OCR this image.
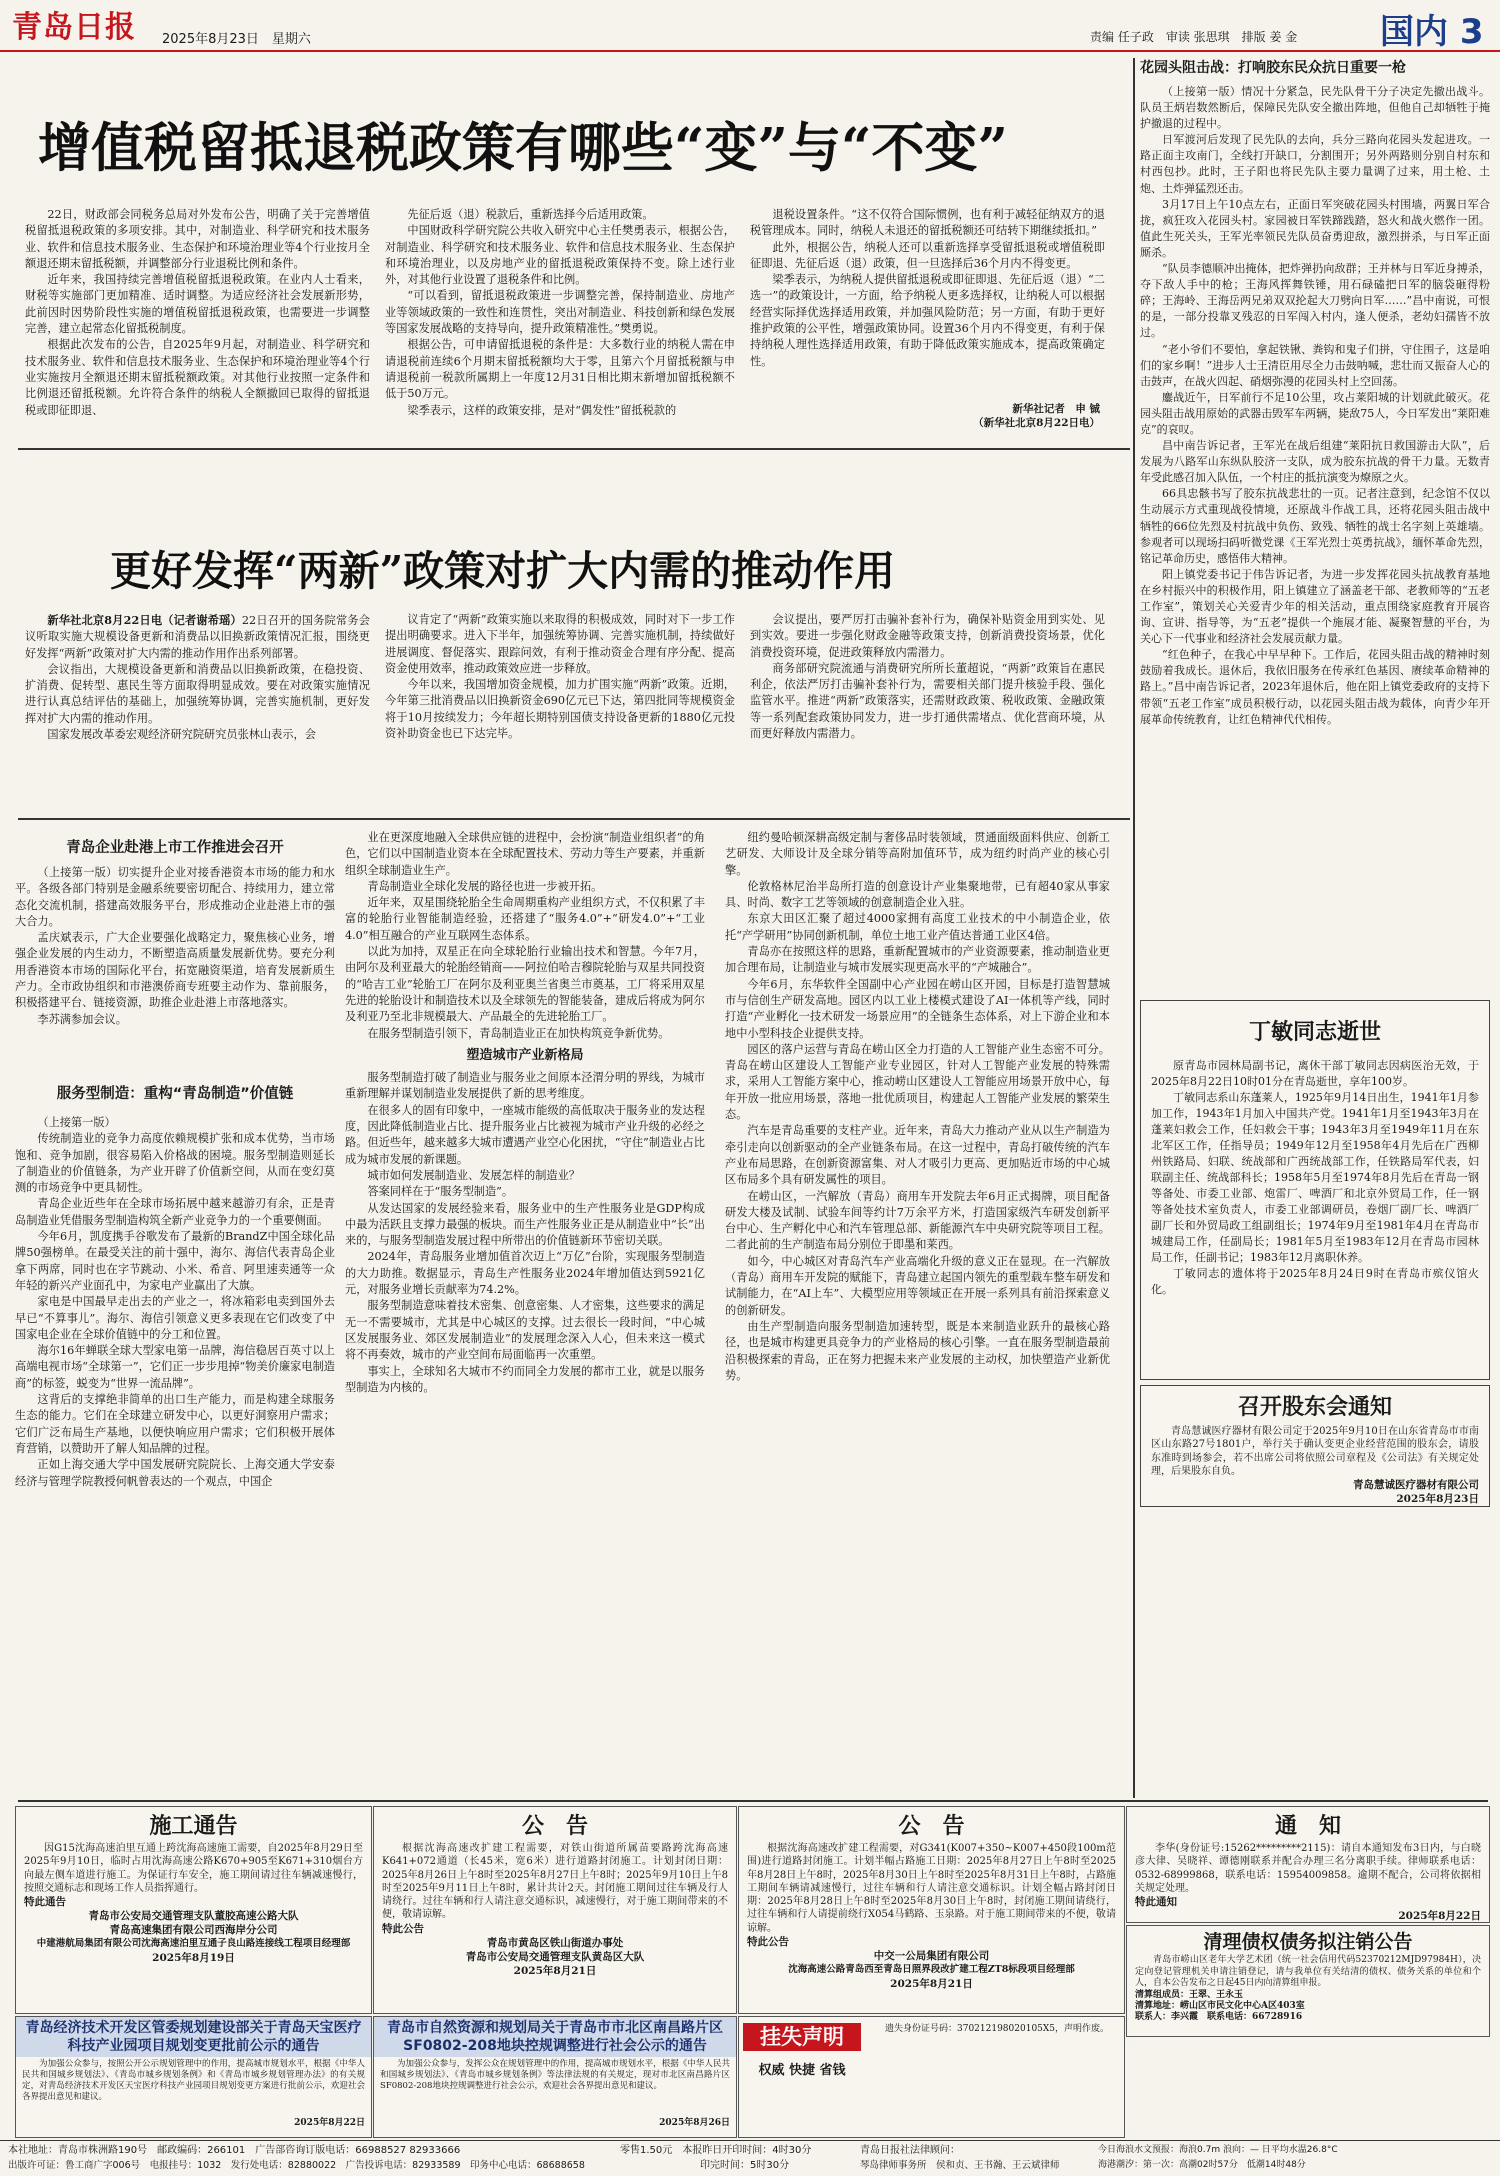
青岛日报 2025年8月23日　星期六	责编 任子政　审读 张思琪　排版 姜 金 国内 3
增值税留抵退税政策有哪些“变”与“不变”

22日，财政部会同税务总局对外发布公告，明确了关于完善增值税留抵退税政策的多项安排。其中，对制造业、科学研究和技术服务业、软件和信息技术服务业、生态保护和环境治理业等4个行业按月全额退还期末留抵税额，并调整部分行业退税比例和条件。

近年来，我国持续完善增值税留抵退税政策。在业内人士看来，财税等实施部门更加精准、适时调整。为适应经济社会发展新形势，此前因时因势阶段性实施的增值税留抵退税政策，也需要进一步调整完善，建立起常态化留抵税制度。

根据此次发布的公告，自2025年9月起，对制造业、科学研究和技术服务业、软件和信息技术服务业、生态保护和环境治理业等4个行业实施按月全额退还期末留抵税额政策。对其他行业按照一定条件和比例退还留抵税额。允许符合条件的纳税人全额撤回已取得的留抵退税或即征即退、

先征后返（退）税款后，重新选择今后适用政策。

中国财政科学研究院公共收入研究中心主任樊勇表示，根据公告，对制造业、科学研究和技术服务业、软件和信息技术服务业、生态保护和环境治理业，以及房地产业的留抵退税政策保持不变。除上述行业外，对其他行业设置了退税条件和比例。

“可以看到，留抵退税政策进一步调整完善，保持制造业、房地产业等领域政策的一致性和连贯性，突出对制造业、科技创新和绿色发展等国家发展战略的支持导向，提升政策精准性。”樊勇说。

根据公告，可申请留抵退税的条件是：大多数行业的纳税人需在申请退税前连续6个月期末留抵税额均大于零，且第六个月留抵税额与申请退税前一税款所属期上一年度12月31日相比期末新增加留抵税额不低于50万元。

梁季表示，这样的政策安排，是对“偶发性”留抵税款的

退税设置条件。“这不仅符合国际惯例，也有利于减轻征纳双方的退税管理成本。同时，纳税人未退还的留抵税额还可结转下期继续抵扣。”

此外，根据公告，纳税人还可以重新选择享受留抵退税或增值税即征即退、先征后返（退）政策，但一旦选择后36个月内不得变更。

梁季表示，为纳税人提供留抵退税或即征即退、先征后返（退）“二选一”的政策设计，一方面，给予纳税人更多选择权，让纳税人可以根据经营实际择优选择适用政策，并加强风险防范；另一方面，有助于更好推护政策的公平性，增强政策协同。设置36个月内不得变更，有利于保持纳税人理性选择适用政策，有助于降低政策实施成本，提高政策确定性。

新华社记者　申 铖

（新华社北京8月22日电）

更好发挥“两新”政策对扩大内需的推动作用

新华社北京8月22日电（记者谢希瑶）22日召开的国务院常务会议听取实施大规模设备更新和消费品以旧换新政策情况汇报，围绕更好发挥“两新”政策对扩大内需的推动作用作出系列部署。

会议指出，大规模设备更新和消费品以旧换新政策，在稳投资、扩消费、促转型、惠民生等方面取得明显成效。要在对政策实施情况进行认真总结评估的基础上，加强统筹协调，完善实施机制，更好发挥对扩大内需的推动作用。

国家发展改革委宏观经济研究院研究员张林山表示，会

议肯定了“两新”政策实施以来取得的积极成效，同时对下一步工作提出明确要求。进入下半年，加强统筹协调、完善实施机制，持续做好进展调度、督促落实、跟踪问效，有利于推动资金合理有序分配、提高资金使用效率，推动政策效应进一步释放。

今年以来，我国增加资金规模，加力扩围实施“两新”政策。近期，今年第三批消费品以旧换新资金690亿元已下达，第四批同等规模资金将于10月按续发力；今年超长期特别国债支持设备更新的1880亿元投资补助资金也已下达完毕。

会议提出，要严厉打击骗补套补行为，确保补贴资金用到实处、见到实效。要进一步强化财政金融等政策支持，创新消费投资场景，优化消费投资环境，促进政策释放内需潜力。

商务部研究院流通与消费研究所所长董超说，“两新”政策旨在惠民利企，依法严厉打击骗补套补行为，需要相关部门提升核验手段、强化监管水平。推进“两新”政策落实，还需财政政策、税收政策、金融政策等一系列配套政策协同发力，进一步打通供需堵点、优化营商环境，从而更好释放内需潜力。

青岛企业赴港上市工作推进会召开

（上接第一版）切实提升企业对接香港资本市场的能力和水平。各级各部门特别是金融系统要密切配合、持续用力，建立常态化交流机制，搭建高效服务平台，形成推动企业赴港上市的强大合力。

孟庆斌表示，广大企业要强化战略定力，聚焦核心业务，增强企业发展的内生动力，不断塑造高质量发展新优势。要充分利用香港资本市场的国际化平台，拓宽融资渠道，培育发展新质生产力。全市政协组织和市港澳侨商专班要主动作为、靠前服务，积极搭建平台、链接资源，助推企业赴港上市落地落实。

李苏满参加会议。

服务型制造：重构“青岛制造”价值链

（上接第一版）

传统制造业的竞争力高度依赖规模扩张和成本优势，当市场饱和、竞争加剧，很容易陷入价格战的困境。服务型制造则延长了制造业的价值链条，为产业开辟了价值新空间，从而在变幻莫测的市场竞争中更具韧性。

青岛企业近些年在全球市场拓展中越来越游刃有余，正是青岛制造业凭借服务型制造构筑全新产业竞争力的一个重要侧面。

今年6月，凯度携手谷歌发布了最新的BrandZ中国全球化品牌50强榜单。在最受关注的前十强中，海尔、海信代表青岛企业拿下两席，同时也在字节跳动、小米、希音、阿里速卖通等一众年轻的新兴产业面孔中，为家电产业赢出了大旗。

家电是中国最早走出去的产业之一，将冰箱彩电卖到国外去早已“不算事儿”。海尔、海信引领意义更多表现在它们改变了中国家电企业在全球价值链中的分工和位置。

海尔16年蝉联全球大型家电第一品牌，海信稳居百英寸以上高端电视市场“全球第一”，它们正一步步甩掉“物美价廉家电制造商”的标签，蜕变为“世界一流品牌”。

这背后的支撑绝非简单的出口生产能力，而是构建全球服务生态的能力。它们在全球建立研发中心，以更好洞察用户需求；它们广泛布局生产基地，以便快响应用户需求；它们积极开展体育营销，以赞助开了解人知品牌的过程。

正如上海交通大学中国发展研究院院长、上海交通大学安泰经济与管理学院教授何帆曾表达的一个观点，中国企

业在更深度地融入全球供应链的进程中，会扮演“制造业组织者”的角色，它们以中国制造业资本在全球配置技术、劳动力等生产要素，并重新组织全球制造业生产。

青岛制造业全球化发展的路径也进一步被开拓。

近年来，双星围绕轮胎全生命周期重构产业组织方式，不仅积累了丰富的轮胎行业智能制造经验，还搭建了“服务4.0”+“研发4.0”+“工业4.0”相互融合的产业互联网生态体系。

以此为加持，双星正在向全球轮胎行业输出技术和智慧。今年7月，由阿尔及利亚最大的轮胎经销商——阿拉伯哈吉穆院轮胎与双星共同投资的“哈吉工业”轮胎工厂在阿尔及利亚奥兰省奥兰市奠基，工厂将采用双星先进的轮胎设计和制造技术以及全球领先的智能装备，建成后将成为阿尔及利亚乃至北非规模最大、产品最全的先进轮胎工厂。

在服务型制造引领下，青岛制造业正在加快构筑竞争新优势。

塑造城市产业新格局

服务型制造打破了制造业与服务业之间原本泾渭分明的界线，为城市重新理解并谋划制造业发展提供了新的思考维度。

在很多人的固有印象中，一座城市能级的高低取决于服务业的发达程度，因此降低制造业占比、提升服务业占比被视为城市产业升级的必经之路。但近些年，越来越多大城市遭遇产业空心化困扰，“守住”制造业占比成为城市发展的新课题。

城市如何发展制造业、发展怎样的制造业？

答案同样在于“服务型制造”。

从发达国家的发展经验来看，服务业中的生产性服务业是GDP构成中最为活跃且支撑力最强的板块。而生产性服务业正是从制造业中“长”出来的，与服务型制造发展过程中所带出的价值链新环节密切关联。

2024年，青岛服务业增加值首次迈上“万亿”台阶，实现服务型制造的大力助推。数据显示，青岛生产性服务业2024年增加值达到5921亿元，对服务业增长贡献率为74.2%。

服务型制造意味着技术密集、创意密集、人才密集，这些要求的满足无一不需要城市，尤其是中心城区的支撑。过去很长一段时间，“中心城区发展服务业、郊区发展制造业”的发展理念深入人心，但未来这一模式将不再奏效，城市的产业空间布局面临再一次重塑。

事实上，全球知名大城市不约而同全力发展的都市工业，就是以服务型制造为内核的。

纽约曼哈顿深耕高级定制与奢侈品时装领域，贯通面级面料供应、创新工艺研发、大师设计及全球分销等高附加值环节，成为纽约时尚产业的核心引擎。

伦敦格林尼治半岛所打造的创意设计产业集聚地带，已有超40家从事家具、时尚、数字工艺等领域的创意制造企业入驻。

东京大田区汇聚了超过4000家拥有高度工业技术的中小制造企业，依托“产学研用”协同创新机制，单位土地工业产值达普通工业区4倍。

青岛亦在按照这样的思路，重新配置城市的产业资源要素，推动制造业更加合理布局，让制造业与城市发展实现更高水平的“产城融合”。

今年6月，东华软件全国副中心产业园在崂山区开园，目标是打造智慧城市与信创生产研发高地。园区内以工业上楼模式建设了AI一体机等产线，同时打造“产业孵化一技术研发一场景应用”的全链条生态体系，对上下游企业和本地中小型科技企业提供支持。

园区的落户运营与青岛在崂山区全力打造的人工智能产业生态密不可分。青岛在崂山区建设人工智能产业专业园区，针对人工智能产业发展的特殊需求，采用人工智能方案中心，推动崂山区建设人工智能应用场景开放中心，每年开放一批应用场景，落地一批优质项目，构建起人工智能产业发展的繁荣生态。

汽车是青岛重要的支柱产业。近年来，青岛大力推动产业从以生产制造为牵引走向以创新驱动的全产业链条布局。在这一过程中，青岛打破传统的汽车产业布局思路，在创新资源富集、对人才吸引力更高、更加贴近市场的中心城区布局多个具有研发属性的项目。

在崂山区，一汽解放（青岛）商用车开发院去年6月正式揭牌，项目配备研发大楼及试制、试验车间等约计7万余平方米，打造国家级汽车研发创新平台中心、生产孵化中心和汽车管理总部、新能源汽车中央研究院等项目工程。二者此前的生产制造布局分别位于即墨和莱西。

如今，中心城区对青岛汽车产业高端化升级的意义正在显现。在一汽解放（青岛）商用车开发院的赋能下，青岛建立起国内领先的重型载车整车研发和试制能力，在“AI上车”、大模型应用等领域正在开展一系列具有前沿探索意义的创新研发。

由生产型制造向服务型制造加速转型，既是本来制造业跃升的最核心路径，也是城市构建更具竞争力的产业格局的核心引擎。一直在服务型制造最前沿积极探索的青岛，正在努力把握未来产业发展的主动权，加快塑造产业新优势。

花园头阻击战：打响胶东民众抗日重要一枪

（上接第一版）情况十分紧急，民先队骨干分子决定先撤出战斗。队员王炳岩数然断后，保障民先队安全撤出阵地，但他自己却牺牲于掩护撤退的过程中。

日军渡河后发现了民先队的去向，兵分三路向花园头发起进攻。一路正面主攻南门，全线打开缺口，分割围开；另外两路则分别自村东和村西包抄。此时，王子阳也将民先队主要力量调了过来，用土枪、土炮、土炸弹猛烈还击。

3月17日上午10点左右，正面日军突破花园头村围墙，两翼日军合拢，疯狂攻入花园头村。家园被日军铁蹄践踏，怒火和战火燃作一团。值此生死关头，王军光率领民先队员奋勇迎敌，激烈拼杀，与日军正面厮杀。

“队员李德顺冲出掩体，把炸弹扔向敌群；王并林与日军近身搏杀，夺下敌人手中的枪；王海风挥舞铁锤，用石碌磕把日军的脑袋砸得粉碎；王海岭、王海岳两兄弟双双抡起大刀劈向日军……”昌中南说，可恨的是，一部分投靠叉残忍的日军闯入村内，逢人便杀，老幼妇孺皆不放过。

“老小爷们不要怕，拿起铁锹、粪钩和鬼子们拼，守住围子，这是咱们的家乡啊！”进步人士王清臣用尽全力击鼓呐喊，悲壮而又振奋人心的击鼓声，在战火四起、硝烟弥漫的花园头村上空回荡。

鏖战近午，日军前行不足10公里，攻占莱阳城的计划就此破灭。花园头阻击战用原始的武器击毁军车两辆，毙敌75人，今日军发出“莱阳难克”的哀叹。

昌中南告诉记者，王军光在战后组建“莱阳抗日救国游击大队”，后发展为八路军山东纵队胶济一支队，成为胶东抗战的骨干力量。无数青年受此感召加入队伍，一个村庄的抵抗演变为燎原之火。

66具忠骸书写了胶东抗战悲壮的一页。记者注意到，纪念馆不仅以生动展示方式重现战役情境，还原战斗作战工具，还将花园头阻击战中牺牲的66位先烈及村抗战中负伤、致残、牺牲的战士名字刻上英雄墙。参观者可以现场扫码听微党课《王军光烈士英勇抗战》，缅怀革命先烈，铭记革命历史，感悟伟大精神。

阳上镇党委书记于伟告诉记者，为进一步发挥花园头抗战教育基地在乡村振兴中的积极作用，阳上镇建立了涵盖老干部、老教师等的“五老工作室”，策划关心关爱青少年的相关活动，重点围绕家庭教育开展咨询、宣讲、指导等，为“五老”提供一个施展才能、凝聚智慧的平台，为关心下一代事业和经济社会发展贡献力量。

“红色种子，在我心中早早种下。工作后，花园头阻击战的精神时刻鼓励着我成长。退休后，我依旧服务在传承红色基因、赓续革命精神的路上。”昌中南告诉记者，2023年退休后，他在阳上镇党委政府的支持下带领“五老工作室”成员积极行动，以花园头阻击战为载体，向青少年开展革命传统教育，让红色精神代代相传。

丁敏同志逝世

原青岛市园林局副书记，离休干部丁敏同志因病医治无效，于2025年8月22日10时01分在青岛逝世，享年100岁。

丁敏同志系山东蓬莱人，1925年9月14日出生，1941年1月参加工作，1943年1月加入中国共产党。1941年1月至1943年3月在蓬莱妇救会工作，任妇救会干事；1943年3月至1949年11月在东北军区工作，任指导员；1949年12月至1958年4月先后在广西柳州铁路局、妇联、统战部和广西统战部工作，任铁路局军代表，妇联副主任、统战部科长；1958年5月至1974年8月先后在青岛一钢等备处、市委工业部、炮雷厂、啤酒厂和北京外贸局工作，任一钢等备处技术室负责人，市委工业部调研员，卷烟厂副厂长、啤酒厂副厂长和外贸局政工组副组长；1974年9月至1981年4月在青岛市城建局工作，任副局长；1981年5月至1983年12月在青岛市园林局工作，任副书记；1983年12月离职休养。

丁敏同志的遗体将于2025年8月24日9时在青岛市殡仪馆火化。

召开股东会通知

青岛慧诚医疗器材有限公司定于2025年9月10日在山东省青岛市市南区山东路27号1801户，举行关于确认变更企业经营范围的股东会，请股东准時到场参会，若不出席公司将依照公司章程及《公司法》有关规定处理，后果股东自负。

青岛慧诚医疗器材有限公司

2025年8月23日

施工通告

因G15沈海高速泊里互通上跨沈海高速施工需要，自2025年8月29日至2025年9月10日，临时占用沈海高速公路K670+905至K671+310烟台方向最左侧车道进行施工。为保证行车安全，施工期间请过往车辆减速慢行，按照交通标志和现场工作人员指挥通行。

特此通告

青岛市公安局交通管理支队董胶高速公路大队

青岛高速集团有限公司西海岸分公司

中建港航局集团有限公司沈海高速泊里互通子良山路连接线工程项目经理部

2025年8月19日

公　告

根据沈海高速改扩建工程需要，对铁山街道所属苗要路跨沈海高速K641+072通道（长45米，宽6米）进行道路封闭施工。计划封闭日期：2025年8月26日上午8时至2025年8月27日上午8时；2025年9月10日上午8时至2025年9月11日上午8时，累计共计2天。封闭施工期间过往车辆及行人请绕行。过往车辆和行人请注意交通标识，减速慢行，对于施工期间带来的不便，敬请谅解。

特此公告

青岛市黄岛区铁山街道办事处

青岛市公安局交通管理支队黄岛区大队

2025年8月21日

公　告

根据沈海高速改扩建工程需要，对G341(K007+350~K007+450段100m范围)进行道路封闭施工。计划半幅占路施工日期：2025年8月27日上午8时至2025年8月28日上午8时，2025年8月30日上午8时至2025年8月31日上午8时，占路施工期间车辆请减速慢行，过往车辆和行人请注意交通标识。计划全幅占路封闭日期：2025年8月28日上午8时至2025年8月30日上午8时，封闭施工期间请绕行，过往车辆和行人请提前绕行X054马鹤路、玉泉路。对于施工期间带来的不便，敬请谅解。

特此公告

中交一公局集团有限公司

沈海高速公路青岛西至青岛日照界段改扩建工程ZT8标段项目经理部

2025年8月21日

通　知

李华(身份证号:15262*********2115)：请自本通知发布3日内，与白晓彦大律、吴晓祥、谭德刚联系并配合办理三名分离职手续。律师联系电话：0532-68999868，联系电话：15954009858。逾期不配合，公司将依据相关规定处理。

特此通知

2025年8月22日

清理债权债务拟注销公告

青岛市崂山区老年大学艺术团（统一社会信用代码52370212MJD97984H），决定向登记管理机关申请注销登记，请与我单位有关结清的债权、债务关系的单位和个人，自本公告发布之日起45日内向清算组申报。

清算组成员：王翠、王永玉

清算地址：崂山区市民文化中心A区403室

联系人：李兴霞　联系电话：66728916

青岛经济技术开发区管委规划建设部关于青岛天宝医疗科技产业园项目规划变更批前公示的通告

为加强公众参与，按照公开公示规划管理中的作用，提高城市规划水平，根据《中华人民共和国城乡规划法》、《青岛市城乡规划条例》和《青岛市城乡规划管理办法》的有关规定，对青岛经济技术开发区天宝医疗科技产业园项目规划变更方案进行批前公示，欢迎社会各界提出意见和建议。

2025年8月22日

青岛市自然资源和规划局关于青岛市市北区南昌路片区SF0802-208地块控规调整进行社会公示的通告

为加强公众参与，发挥公众在规划管理中的作用，提高城市规划水平，根据《中华人民共和国城乡规划法》、《青岛市城乡规划条例》等法律法规的有关规定，现对市北区南昌路片区SF0802-208地块控规调整进行社会公示，欢迎社会各界提出意见和建议。

2025年8月26日

挂失声明
权威 快捷 省钱

遗失身份证号码：370212198020105X5，声明作废。

本社地址：青岛市株洲路190号　邮政编码：266101　广告部咨询订版电话：66988527 82933666
出版许可证：鲁工商广字006号　电报挂号：1032　发行处电话：82880022　广告投诉电话：82933589　印务中心电话：68688658
零售1.50元　本报昨日开印时间：4时30分
印完时间：5时30分
青岛日报社法律顾问：
琴岛律师事务所　侯和贞、王书瀚、王云斌律师
今日海浪水文预报：海浪0.7m 浪向：— 日平均水温26.8°C
海港潮汐：第一次：高潮02时57分　低潮14时48分
